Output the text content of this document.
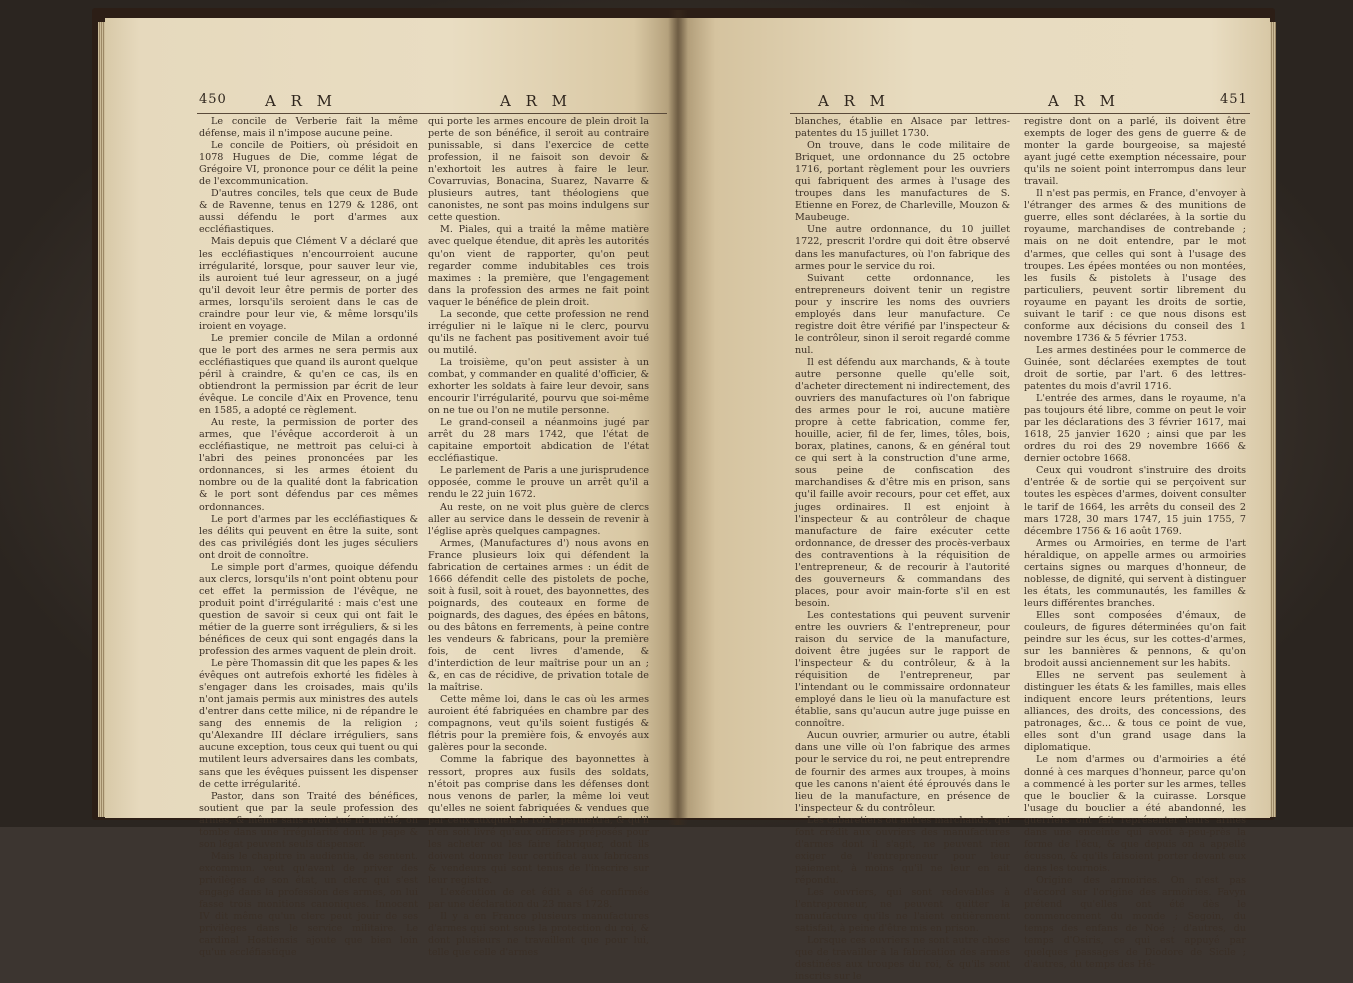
450	A R M	A R M

Le concile de Verberie fait la même défense, mais il n'impose aucune peine.

Le concile de Poitiers, où présidoit en 1078 Hugues de Die, comme légat de Grégoire VI, prononce pour ce délit la peine de l'excommunication.

D'autres conciles, tels que ceux de Bude & de Ravenne, tenus en 1279 & 1286, ont aussi défendu le port d'armes aux eccléfiastiques.

Mais depuis que Clément V a déclaré que les eccléfiastiques n'encourroient aucune irrégularité, lorsque, pour sauver leur vie, ils auroient tué leur agresseur, on a jugé qu'il devoit leur être permis de porter des armes, lorsqu'ils seroient dans le cas de craindre pour leur vie, & même lorsqu'ils iroient en voyage.

Le premier concile de Milan a ordonné que le port des armes ne sera permis aux eccléfiastiques que quand ils auront quelque péril à craindre, & qu'en ce cas, ils en obtiendront la permission par écrit de leur évêque. Le concile d'Aix en Provence, tenu en 1585, a adopté ce règlement.

Au reste, la permission de porter des armes, que l'évêque accorderoit à un eccléfiastique, ne mettroit pas celui-ci à l'abri des peines prononcées par les ordonnances, si les armes étoient du nombre ou de la qualité dont la fabrication & le port sont défendus par ces mêmes ordonnances.

Le port d'armes par les eccléfiastiques & les délits qui peuvent en être la suite, sont des cas privilégiés dont les juges séculiers ont droit de connoître.

Le simple port d'armes, quoique défendu aux clercs, lorsqu'ils n'ont point obtenu pour cet effet la permission de l'évêque, ne produit point d'irrégularité : mais c'est une question de savoir si ceux qui ont fait le métier de la guerre sont irréguliers, & si les bénéfices de ceux qui sont engagés dans la profession des armes vaquent de plein droit.

Le père Thomassin dit que les papes & les évêques ont autrefois exhorté les fidèles à s'engager dans les croisades, mais qu'ils n'ont jamais permis aux ministres des autels d'entrer dans cette milice, ni de répandre le sang des ennemis de la religion ; qu'Alexandre III déclare irréguliers, sans aucune exception, tous ceux qui tuent ou qui mutilent leurs adversaires dans les combats, sans que les évêques puissent les dispenser de cette irrégularité.

Pastor, dans son Traité des bénéfices, soutient que par la seule profession des armes, & même sans avoir tué ni mutilé, on tombe dans une irrégularité dont le pape & son légat peuvent seuls dispenser.

Mais le chapitre in audientia, de sentent. excommun. veut qu'avant de priver des privilèges de son état, un clerc qui s'est engagé dans la profession des armes, on lui fasse trois monitions canoniques. Innocent IV dit même qu'un clerc peut jouir de ses privilèges dans le service militaire. Le cardinal Hostiensis ajoute que bien loin qu'un eccléfiastique

qui porte les armes encoure de plein droit la perte de son bénéfice, il seroit au contraire punissable, si dans l'exercice de cette profession, il ne faisoit son devoir & n'exhortoit les autres à faire le leur. Covarruvias, Bonacina, Suarez, Navarre & plusieurs autres, tant théologiens que canonistes, ne sont pas moins indulgens sur cette question.

M. Piales, qui a traité la même matière avec quelque étendue, dit après les autorités qu'on vient de rapporter, qu'on peut regarder comme indubitables ces trois maximes : la première, que l'engagement dans la profession des armes ne fait point vaquer le bénéfice de plein droit.

La seconde, que cette profession ne rend irrégulier ni le laïque ni le clerc, pourvu qu'ils ne fachent pas positivement avoir tué ou mutilé.

La troisième, qu'on peut assister à un combat, y commander en qualité d'officier, & exhorter les soldats à faire leur devoir, sans encourir l'irrégularité, pourvu que soi-même on ne tue ou l'on ne mutile personne.

Le grand-conseil a néanmoins jugé par arrêt du 28 mars 1742, que l'état de capitaine emportoit abdication de l'état eccléfiastique.

Le parlement de Paris a une jurisprudence opposée, comme le prouve un arrêt qu'il a rendu le 22 juin 1672.

Au reste, on ne voit plus guère de clercs aller au service dans le dessein de revenir à l'église après quelques campagnes.

Armes, (Manufactures d') nous avons en France plusieurs loix qui défendent la fabrication de certaines armes : un édit de 1666 défendit celle des pistolets de poche, soit à fusil, soit à rouet, des bayonnettes, des poignards, des couteaux en forme de poignards, des dagues, des épées en bâtons, ou des bâtons en ferrements, à peine contre les vendeurs & fabricans, pour la première fois, de cent livres d'amende, & d'interdiction de leur maîtrise pour un an ; &, en cas de récidive, de privation totale de la maîtrise.

Cette même loi, dans le cas où les armes auroient été fabriquées en chambre par des compagnons, veut qu'ils soient fustigés & flétris pour la première fois, & envoyés aux galères pour la seconde.

Comme la fabrique des bayonnettes à ressort, propres aux fusils des soldats, n'étoit pas comprise dans les défenses dont nous venons de parler, la même loi veut qu'elles ne soient fabriquées & vendues que par ceux auxquels le roi le permettra, & qu'il n'en soit livré qu'aux officiers préposés pour les acheter ou les faire fabriquer, dont ils doivent donner leur certificat aux fabricans & vendeurs qui sont tenus de l'inscrire sur leur registre.

L'exécution de cet édit a été confirmée par une déclaration du 23 mars 1728.

Il y a en France plusieurs manufactures d'armes qui sont sous la protection du roi, & dont plusieurs ne travaillent que pour lui, telle que celle d'armes

A R M	A R M	451

blanches, établie en Alsace par lettres-patentes du 15 juillet 1730.

On trouve, dans le code militaire de Briquet, une ordonnance du 25 octobre 1716, portant règlement pour les ouvriers qui fabriquent des armes à l'usage des troupes dans les manufactures de S. Etienne en Forez, de Charleville, Mouzon & Maubeuge.

Une autre ordonnance, du 10 juillet 1722, prescrit l'ordre qui doit être observé dans les manufactures, où l'on fabrique des armes pour le service du roi.

Suivant cette ordonnance, les entrepreneurs doivent tenir un registre pour y inscrire les noms des ouvriers employés dans leur manufacture. Ce registre doit être vérifié par l'inspecteur & le contrôleur, sinon il seroit regardé comme nul.

Il est défendu aux marchands, & à toute autre personne quelle qu'elle soit, d'acheter directement ni indirectement, des ouvriers des manufactures où l'on fabrique des armes pour le roi, aucune matière propre à cette fabrication, comme fer, houille, acier, fil de fer, limes, tôles, bois, borax, platines, canons, & en général tout ce qui sert à la construction d'une arme, sous peine de confiscation des marchandises & d'être mis en prison, sans qu'il faille avoir recours, pour cet effet, aux juges ordinaires. Il est enjoint à l'inspecteur & au contrôleur de chaque manufacture de faire exécuter cette ordonnance, de dresser des procès-verbaux des contraventions à la réquisition de l'entrepreneur, & de recourir à l'autorité des gouverneurs & commandans des places, pour avoir main-forte s'il en est besoin.

Les contestations qui peuvent survenir entre les ouvriers & l'entrepreneur, pour raison du service de la manufacture, doivent être jugées sur le rapport de l'inspecteur & du contrôleur, & à la réquisition de l'entrepreneur, par l'intendant ou le commissaire ordonnateur employé dans le lieu où la manufacture est établie, sans qu'aucun autre juge puisse en connoître.

Aucun ouvrier, armurier ou autre, établi dans une ville où l'on fabrique des armes pour le service du roi, ne peut entreprendre de fournir des armes aux troupes, à moins que les canons n'aient été éprouvés dans le lieu de la manufacture, en présence de l'inspecteur & du contrôleur.

Les cabaretiers ou autres marchands, qui font crédit aux ouvriers des manufactures d'armes dont il s'agit, ne peuvent rien exiger de l'entrepreneur pour leur paiement, à moins qu'il ne leur en ait répondu.

Les ouvriers, qui sont redevables à l'entrepreneur, ne peuvent quitter la manufacture qu'ils ne l'aient entièrement satisfait, à peine d'être mis en prison.

Lorsque ces ouvriers ne sont autre chose que de travailler à la fabrication des armes destinées aux troupes du roi, & qu'ils sont inscrits sur le

registre dont on a parlé, ils doivent être exempts de loger des gens de guerre & de monter la garde bourgeoise, sa majesté ayant jugé cette exemption nécessaire, pour qu'ils ne soient point interrompus dans leur travail.

Il n'est pas permis, en France, d'envoyer à l'étranger des armes & des munitions de guerre, elles sont déclarées, à la sortie du royaume, marchandises de contrebande ; mais on ne doit entendre, par le mot d'armes, que celles qui sont à l'usage des troupes. Les épées montées ou non montées, les fusils & pistolets à l'usage des particuliers, peuvent sortir librement du royaume en payant les droits de sortie, suivant le tarif : ce que nous disons est conforme aux décisions du conseil des 1 novembre 1736 & 5 février 1753.

Les armes destinées pour le commerce de Guinée, sont déclarées exemptes de tout droit de sortie, par l'art. 6 des lettres-patentes du mois d'avril 1716.

L'entrée des armes, dans le royaume, n'a pas toujours été libre, comme on peut le voir par les déclarations des 3 février 1617, mai 1618, 25 janvier 1620 ; ainsi que par les ordres du roi des 29 novembre 1666 & dernier octobre 1668.

Ceux qui voudront s'instruire des droits d'entrée & de sortie qui se perçoivent sur toutes les espèces d'armes, doivent consulter le tarif de 1664, les arrêts du conseil des 2 mars 1728, 30 mars 1747, 15 juin 1755, 7 décembre 1756 & 16 août 1769.

Armes ou Armoiries, en terme de l'art héraldique, on appelle armes ou armoiries certains signes ou marques d'honneur, de noblesse, de dignité, qui servent à distinguer les états, les communautés, les familles & leurs différentes branches.

Elles sont composées d'émaux, de couleurs, de figures déterminées qu'on fait peindre sur les écus, sur les cottes-d'armes, sur les bannières & pennons, & qu'on brodoit aussi anciennement sur les habits.

Elles ne servent pas seulement à distinguer les états & les familles, mais elles indiquent encore leurs prétentions, leurs alliances, des droits, des concessions, des patronages, &c... & tous ce point de vue, elles sont d'un grand usage dans la diplomatique.

Le nom d'armes ou d'armoiries a été donné à ces marques d'honneur, parce qu'on a commencé à les porter sur les armes, telles que le bouclier & la cuirasse. Lorsque l'usage du bouclier a été abandonné, les guerriers ont fait représenter leurs armes dans une enceinte qui avoit à-peu-près la forme de l'écu, & que depuis on a appellé écusson, & qu'ils faisoient porter devant eux dans les tournois.

Origine des armoiries. On n'est pas d'accord sur l'origine des armoiries. Favyn prétend qu'elles ont été dès le commencement du monde ; Segoin, du temps des enfans de Noé ; d'autres, du temps d'Osiris, ce qui est appuyé par quelques passages de Diodore de Sicile ; d'autres, du temps des Hé-
